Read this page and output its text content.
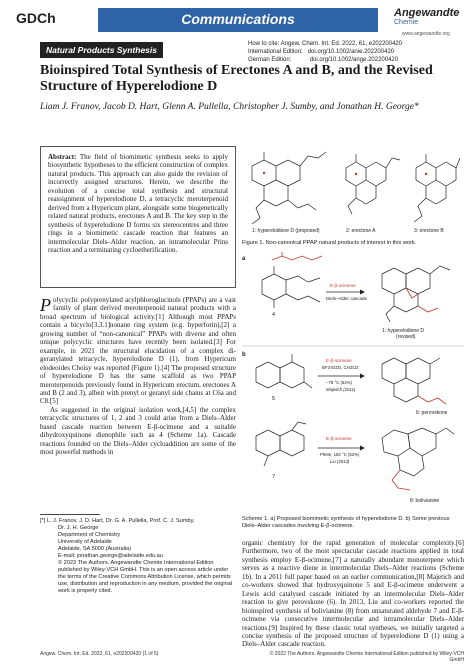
GDCh	Communications	Angewandte
Chemie
www.angewandte.org
Natural Products Synthesis
How to cite: Angew. Chem. Int. Ed. 2022, 61, e202200420
International Edition:   doi.org/10.1002/anie.202200420
German Edition:           doi.org/10.1002/ange.202200420
Bioinspired Total Synthesis of Erectones A and B, and the Revised Structure of Hyperelodione D
Liam J. Franov, Jacob D. Hart, Glenn A. Pullella, Christopher J. Sumby, and Jonathan H. George*
Abstract: The field of biomimetic synthesis seeks to apply biosynthetic hypotheses to the efficient construction of complex natural products. This approach can also guide the revision of incorrectly assigned structures. Herein, we describe the evolution of a concise total synthesis and structural reassignment of hyperelodione D, a tetracyclic meroterpenoid derived from a Hypericum plant, alongside some biogenetically related natural products, erectones A and B. The key step in the synthesis of hyperelodione D forms six stereocentres and three rings in a biomimetic cascade reaction that features an intermolecular Diels–Alder reaction, an intramolecular Prins reaction and a terminating cycloetherification.
1: hyperelodione D (proposed)	2: erectone A	3: erectone B
Figure 1. Non-canonical PPAP natural products of interest in this work.
a
4
E-β-ocimene
Diels–Alder cascade
1: hyperelodione D
(revised)
b
5
E-β-ocimene
BF3·Et2O, CH2Cl2
−78 °C (52%)
Majetich (2011)
6: perovskone
7
E-β-ocimene
PhMe, 150 °C (52%)
Liu (2013)
8: bolivianine
Scheme 1. a) Proposed biomimetic synthesis of hyperelodione D. b) Some previous Diels–Alder cascades involving E-β-ocimene.
Polycyclic polyprenylated acylphloroglucinols (PPAPs) are a vast family of plant derived meroterpenoid natural products with a broad spectrum of biological activity.[1] Although most PPAPs contain a bicyclo[3.3.1]nonane ring system (e.g. hyperforin),[2] a growing number of “non-canonical” PPAPs with diverse and often unique polycyclic structures have recently been isolated.[3] For example, in 2021 the structural elucidation of a complex di-geranylated tetracycle, hyperelodione D (1), from Hypericum elodeoides Choisy was reported (Figure 1).[4] The proposed structure of hyperelodione D has the same scaffold as two PPAP meroterpenoids previously found in Hypericum erectum, erectones A and B (2 and 3), albeit with prenyl or geranyl side chains at C6a and C8.[5]
As suggested in the original isolation work,[4,5] the complex tetracyclic structures of 1, 2 and 3 could arise from a Diels–Alder based cascade reaction between E-β-ocimene and a suitable dihydroxyquinone dienophile such as 4 (Scheme 1a). Cascade reactions founded on the Diels–Alder cycloaddition are some of the most powerful methods in
[*] L. J. Franov, J. D. Hart, Dr. G. A. Pullella, Prof. C. J. Sumby,
Dr. J. H. George
Department of Chemistry
University of Adelaide
Adelaide, SA 5000 (Australia)
E-mail: jonathan.george@adelaide.edu.au
© 2022 The Authors. Angewandte Chemie International Edition published by Wiley-VCH GmbH. This is an open access article under the terms of the Creative Commons Attribution License, which permits use, distribution and reproduction in any medium, provided the original work is properly cited.
organic chemistry for the rapid generation of molecular complexity.[6] Furthermore, two of the most spectacular cascade reactions applied in total synthesis employ E-β-ocimene,[7] a naturally abundant monoterpene which serves as a reactive diene in intermolecular Diels–Alder reactions (Scheme 1b). In a 2011 full paper based on an earlier communication,[8] Majetich and co-workers showed that hydroxyquinone 5 and E-β-ocimene underwent a Lewis acid catalysed cascade initiated by an intermolecular Diels–Alder reaction to give perovskone (6). In 2013, Liu and co-workers reported the bioinspired synthesis of bolivianine (8) from unsaturated aldehyde 7 and E-β-ocimene via consecutive intermolecular and intramolecular Diels–Alder reactions.[9] Inspired by these classic total syntheses, we initially targeted a concise synthesis of the proposed structure of hyperelodione D (1) using a Diels–Alder cascade reaction.
Angew. Chem. Int. Ed. 2022, 61, e202200420 (1 of 5)	© 2022 The Authors. Angewandte Chemie International Edition published by Wiley-VCH GmbH
